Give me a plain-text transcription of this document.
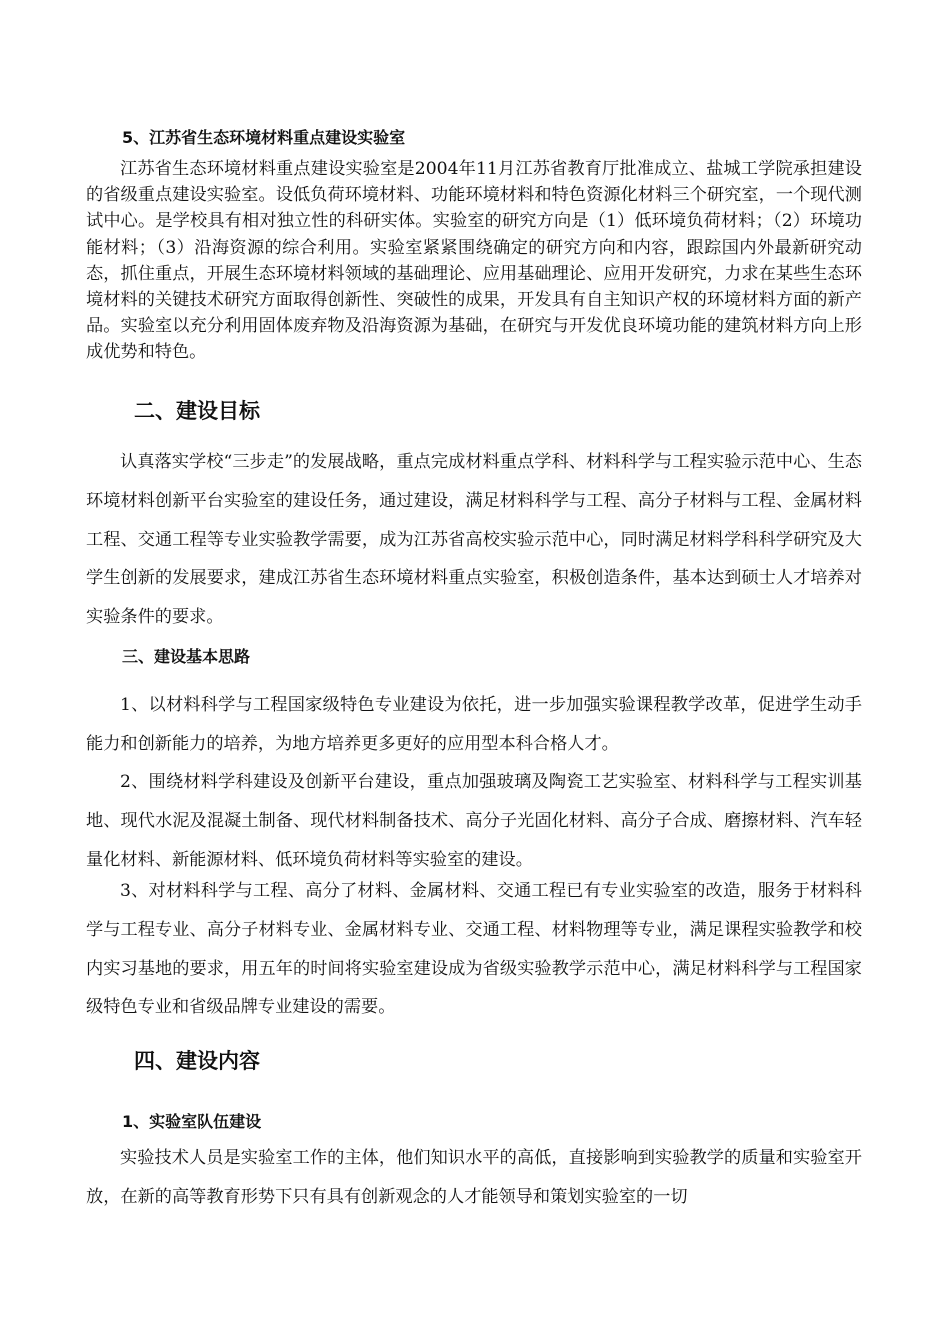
5、江苏省生态环境材料重点建设实验室

江苏省生态环境材料重点建设实验室是2004年11月江苏省教育厅批准成立、盐城工学院承担建设的省级重点建设实验室。设低负荷环境材料、功能环境材料和特色资源化材料三个研究室，一个现代测试中心。是学校具有相对独立性的科研实体。实验室的研究方向是（1）低环境负荷材料；（2）环境功能材料；（3）沿海资源的综合利用。实验室紧紧围绕确定的研究方向和内容，跟踪国内外最新研究动态，抓住重点，开展生态环境材料领域的基础理论、应用基础理论、应用开发研究，力求在某些生态环境材料的关键技术研究方面取得创新性、突破性的成果，开发具有自主知识产权的环境材料方面的新产品。实验室以充分利用固体废弃物及沿海资源为基础，在研究与开发优良环境功能的建筑材料方向上形成优势和特色。

二、建设目标

认真落实学校“三步走”的发展战略，重点完成材料重点学科、材料科学与工程实验示范中心、生态环境材料创新平台实验室的建设任务，通过建设，满足材料科学与工程、高分子材料与工程、金属材料工程、交通工程等专业实验教学需要，成为江苏省高校实验示范中心，同时满足材料学科科学研究及大学生创新的发展要求，建成江苏省生态环境材料重点实验室，积极创造条件，基本达到硕士人才培养对实验条件的要求。

三、建设基本思路

1、以材料科学与工程国家级特色专业建设为依托，进一步加强实验课程教学改革，促进学生动手能力和创新能力的培养，为地方培养更多更好的应用型本科合格人才。

2、围绕材料学科建设及创新平台建设，重点加强玻璃及陶瓷工艺实验室、材料科学与工程实训基地、现代水泥及混凝土制备、现代材料制备技术、高分子光固化材料、高分子合成、磨擦材料、汽车轻量化材料、新能源材料、低环境负荷材料等实验室的建设。

3、对材料科学与工程、高分了材料、金属材料、交通工程已有专业实验室的改造，服务于材料科学与工程专业、高分子材料专业、金属材料专业、交通工程、材料物理等专业，满足课程实验教学和校内实习基地的要求，用五年的时间将实验室建设成为省级实验教学示范中心，满足材料科学与工程国家级特色专业和省级品牌专业建设的需要。

四、建设内容
1、实验室队伍建设

实验技术人员是实验室工作的主体，他们知识水平的高低，直接影响到实验教学的质量和实验室开放，在新的高等教育形势下只有具有创新观念的人才能领导和策划实验室的一切
